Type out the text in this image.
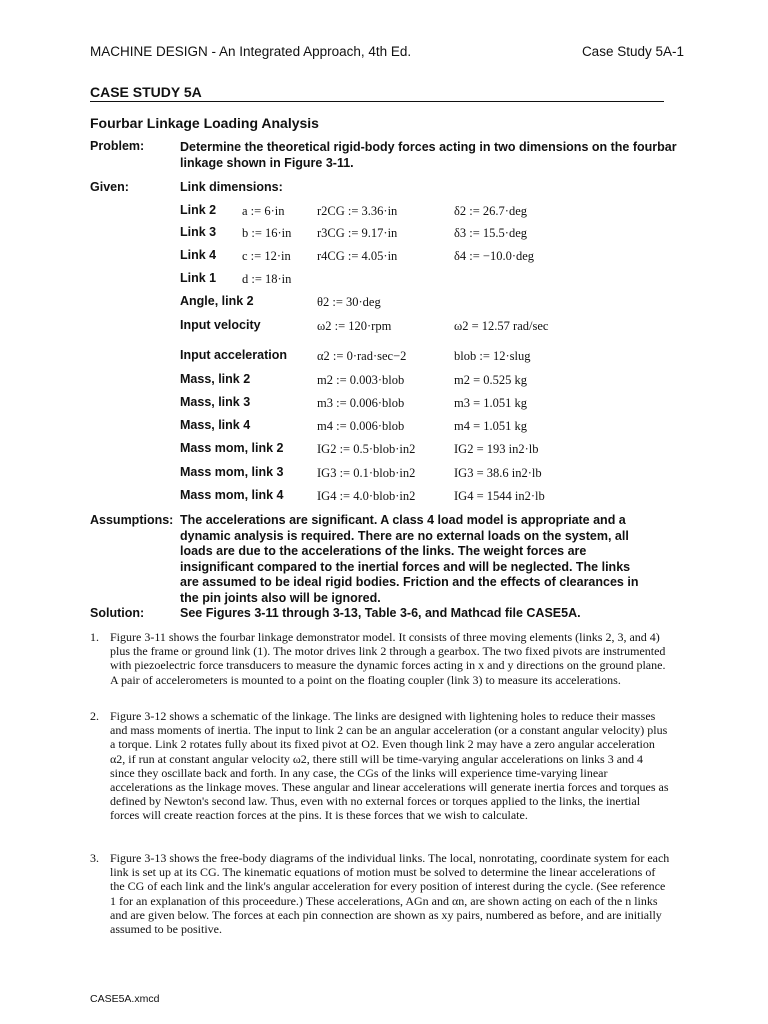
MACHINE DESIGN - An Integrated Approach, 4th Ed.	Case Study 5A-1
CASE STUDY 5A
Fourbar Linkage Loading Analysis
Problem:	Determine the theoretical rigid-body forces acting in two dimensions on the fourbar linkage shown in Figure 3-11.
Given:	Link dimensions:
Link 2 a := 6·in	r2CG := 3.36·in	δ2 := 26.7·deg
Link 3 b := 16·in r3CG := 9.17·in	δ3 := 15.5·deg
Link 4 c := 12·in r4CG := 4.05·in	δ4 := −10.0·deg
Link 1 d := 18·in
Angle, link 2	θ2 := 30·deg
Input velocity	ω2 := 120·rpm	ω2 = 12.57 rad/sec
Input acceleration α2 := 0·rad·sec−2	blob := 12·slug
Mass, link 2	m2 := 0.003·blob	m2 = 0.525 kg
Mass, link 3	m3 := 0.006·blob	m3 = 1.051 kg
Mass, link 4	m4 := 0.006·blob	m4 = 1.051 kg
Mass mom, link 2	IG2 := 0.5·blob·in2	IG2 = 193 in2·lb
Mass mom, link 3	IG3 := 0.1·blob·in2	IG3 = 38.6 in2·lb
Mass mom, link 4	IG4 := 4.0·blob·in2	IG4 = 1544 in2·lb
Assumptions: The accelerations are significant. A class 4 load model is appropriate and a dynamic analysis is required. There are no external loads on the system, all loads are due to the accelerations of the links. The weight forces are insignificant compared to the inertial forces and will be neglected. The links are assumed to be ideal rigid bodies. Friction and the effects of clearances in the pin joints also will be ignored.
Solution:	See Figures 3-11 through 3-13, Table 3-6, and Mathcad file CASE5A.
1. Figure 3-11 shows the fourbar linkage demonstrator model. It consists of three moving elements (links 2, 3, and 4) plus the frame or ground link (1). The motor drives link 2 through a gearbox. The two fixed pivots are instrumented with piezoelectric force transducers to measure the dynamic forces acting in x and y directions on the ground plane. A pair of accelerometers is mounted to a point on the floating coupler (link 3) to measure its accelerations.
2. Figure 3-12 shows a schematic of the linkage. The links are designed with lightening holes to reduce their masses and mass moments of inertia. The input to link 2 can be an angular acceleration (or a constant angular velocity) plus a torque. Link 2 rotates fully about its fixed pivot at O2. Even though link 2 may have a zero angular acceleration α2, if run at constant angular velocity ω2, there still will be time-varying angular accelerations on links 3 and 4 since they oscillate back and forth. In any case, the CGs of the links will experience time-varying linear accelerations as the linkage moves. These angular and linear accelerations will generate inertia forces and torques as defined by Newton's second law. Thus, even with no external forces or torques applied to the links, the inertial forces will create reaction forces at the pins. It is these forces that we wish to calculate.
3. Figure 3-13 shows the free-body diagrams of the individual links. The local, nonrotating, coordinate system for each link is set up at its CG. The kinematic equations of motion must be solved to determine the linear accelerations of the CG of each link and the link's angular acceleration for every position of interest during the cycle. (See reference 1 for an explanation of this proceedure.) These accelerations, AGn and αn, are shown acting on each of the n links and are given below. The forces at each pin connection are shown as xy pairs, numbered as before, and are initially assumed to be positive.
CASE5A.xmcd
